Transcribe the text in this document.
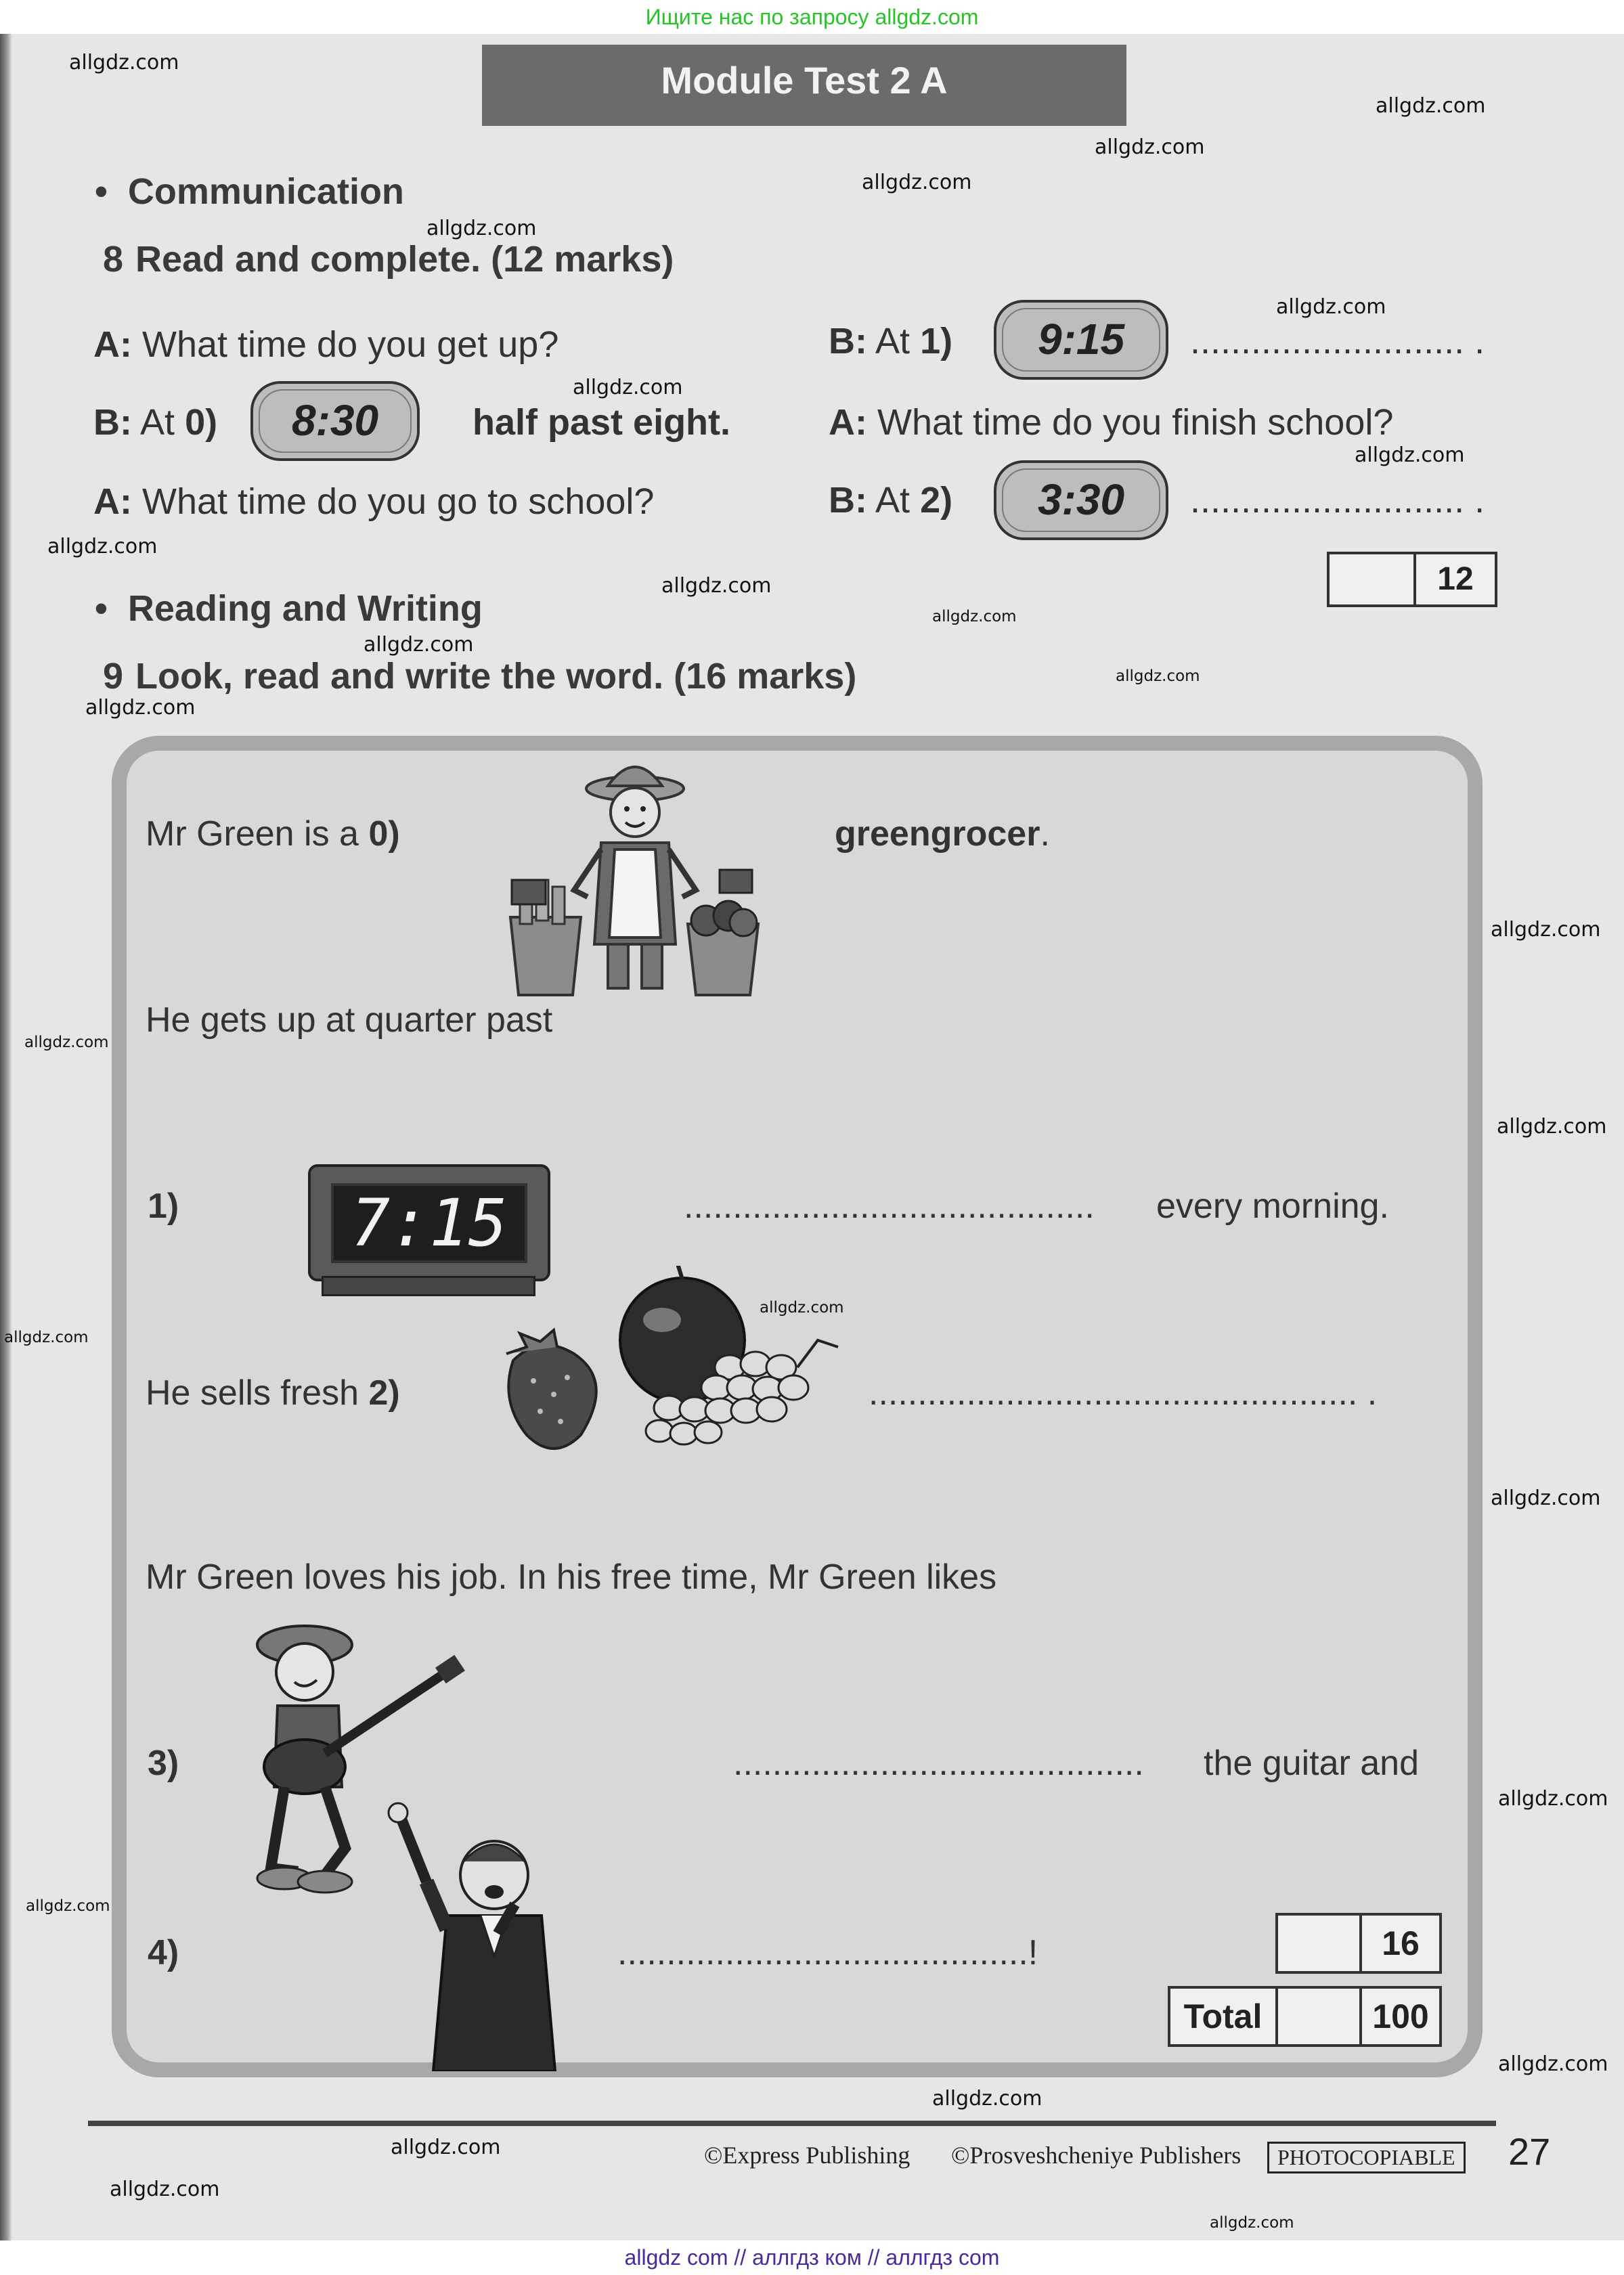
Ищите нас по запросу allgdz.com
Module Test 2 A
• Communication
8 Read and complete. (12 marks)
A: What time do you get up?
B: At 0)	8:30	half past eight.
A: What time do you go to school?
B: At 1)	9:15	........................... .
A: What time do you finish school?
B: At 2)	3:30	........................... .
12
• Reading and Writing
9 Look, read and write the word. (16 marks)
Mr Green is a 0)	greengrocer.
He gets up at quarter past
1)	7:15	.......................................... every morning.
He sells fresh 2)	.................................................. .
Mr Green loves his job. In his free time, Mr Green likes
3)	.......................................... the guitar and
4)	..........................................!	16
Total	100
©Express Publishing ©Prosveshcheniye Publishers	PHOTOCOPIABLE 27
allgdz.com
allgdz.com
allgdz.com
allgdz.com
allgdz.com
allgdz.com
allgdz.com
allgdz.com
allgdz.com
allgdz.com
allgdz.com
allgdz.com
allgdz.com
allgdz.com
allgdz.com
allgdz.com
allgdz.com
allgdz.com
allgdz.com
allgdz.com
allgdz.com
allgdz.com
allgdz.com
allgdz.com
allgdz.com
allgdz.com
allgdz.com
allgdz com // аллгдз ком // аллгдз com
